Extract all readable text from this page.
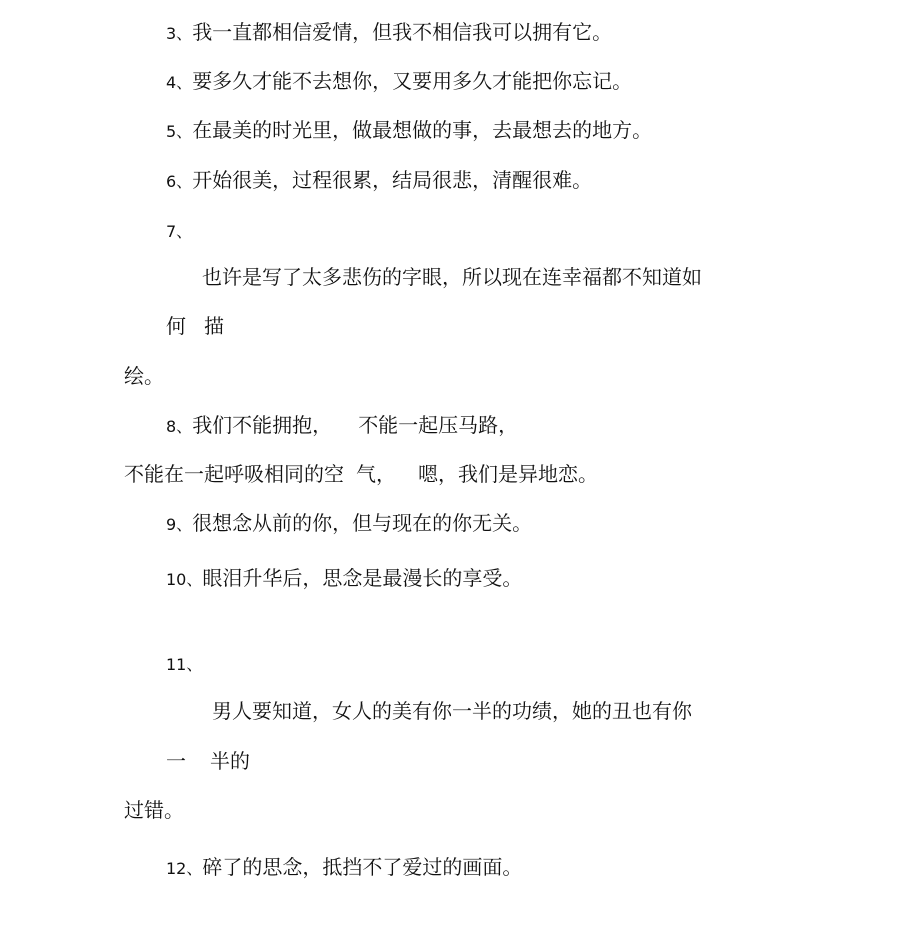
3、我一直都相信爱情，但我不相信我可以拥有它。
4、要多久才能不去想你，又要用多久才能把你忘记。
5、在最美的时光里，做最想做的事，去最想去的地方。
6、开始很美，过程很累，结局很悲，清醒很难。
7、
也许是写了太多悲伤的字眼，所以现在连幸福都不知道如
何 描
绘。
8、我们不能拥抱， 不能一起压马路，
不能在一起呼吸相同的空 气， 嗯，我们是异地恋。
9、很想念从前的你，但与现在的你无关。
10、眼泪升华后，思念是最漫长的享受。
11、
男人要知道，女人的美有你一半的功绩，她的丑也有你
一 半的
过错。
12、碎了的思念，抵挡不了爱过的画面。
